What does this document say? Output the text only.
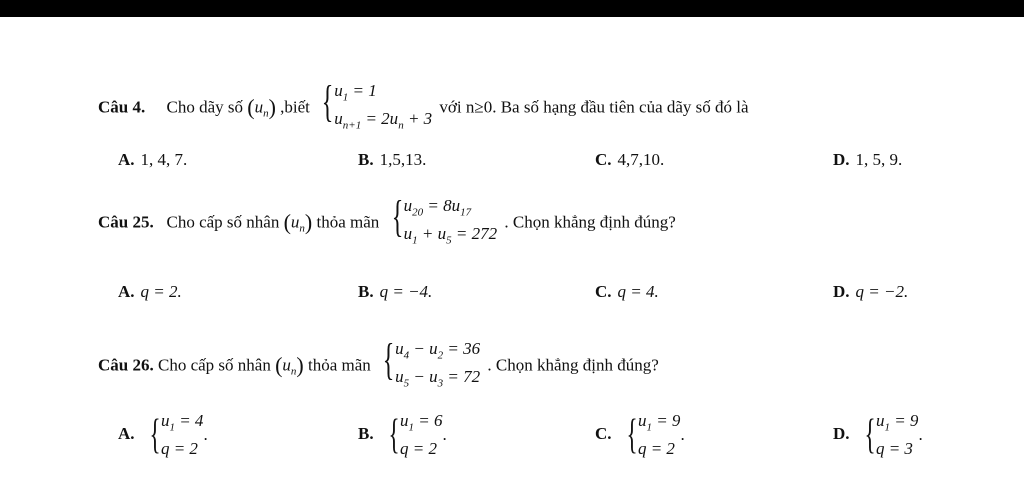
Câu 4. Cho dãy số $(u_n)$ ,biết { $u_1 = 1$
$u_{n+1} = 2u_n + 3$
với n≥0. Ba số hạng đầu tiên của dãy số đó là
A. 1, 4, 7.	B. 1,5,13.	C. 4,7,10.	D. 1, 5, 9.
Câu 25. Cho cấp số nhân $(u_n)$ thỏa mãn { $u_{20} = 8u_{17}$
$u_1 + u_5 = 272$
. Chọn khẳng định đúng?
A. q = 2.	B. q = −4.	C. q = 4.	D. q = −2.
Câu 26. Cho cấp số nhân $(u_n)$ thỏa mãn { $u_4 - u_2 = 36$
$u_5 - u_3 = 72$
. Chọn khẳng định đúng?
A. { $u_1 = 4$
q = 2
.	B. { $u_1 = 6$
q = 2
.	C. { $u_1 = 9$
q = 2
.	D. { $u_1 = 9$
q = 3
.
